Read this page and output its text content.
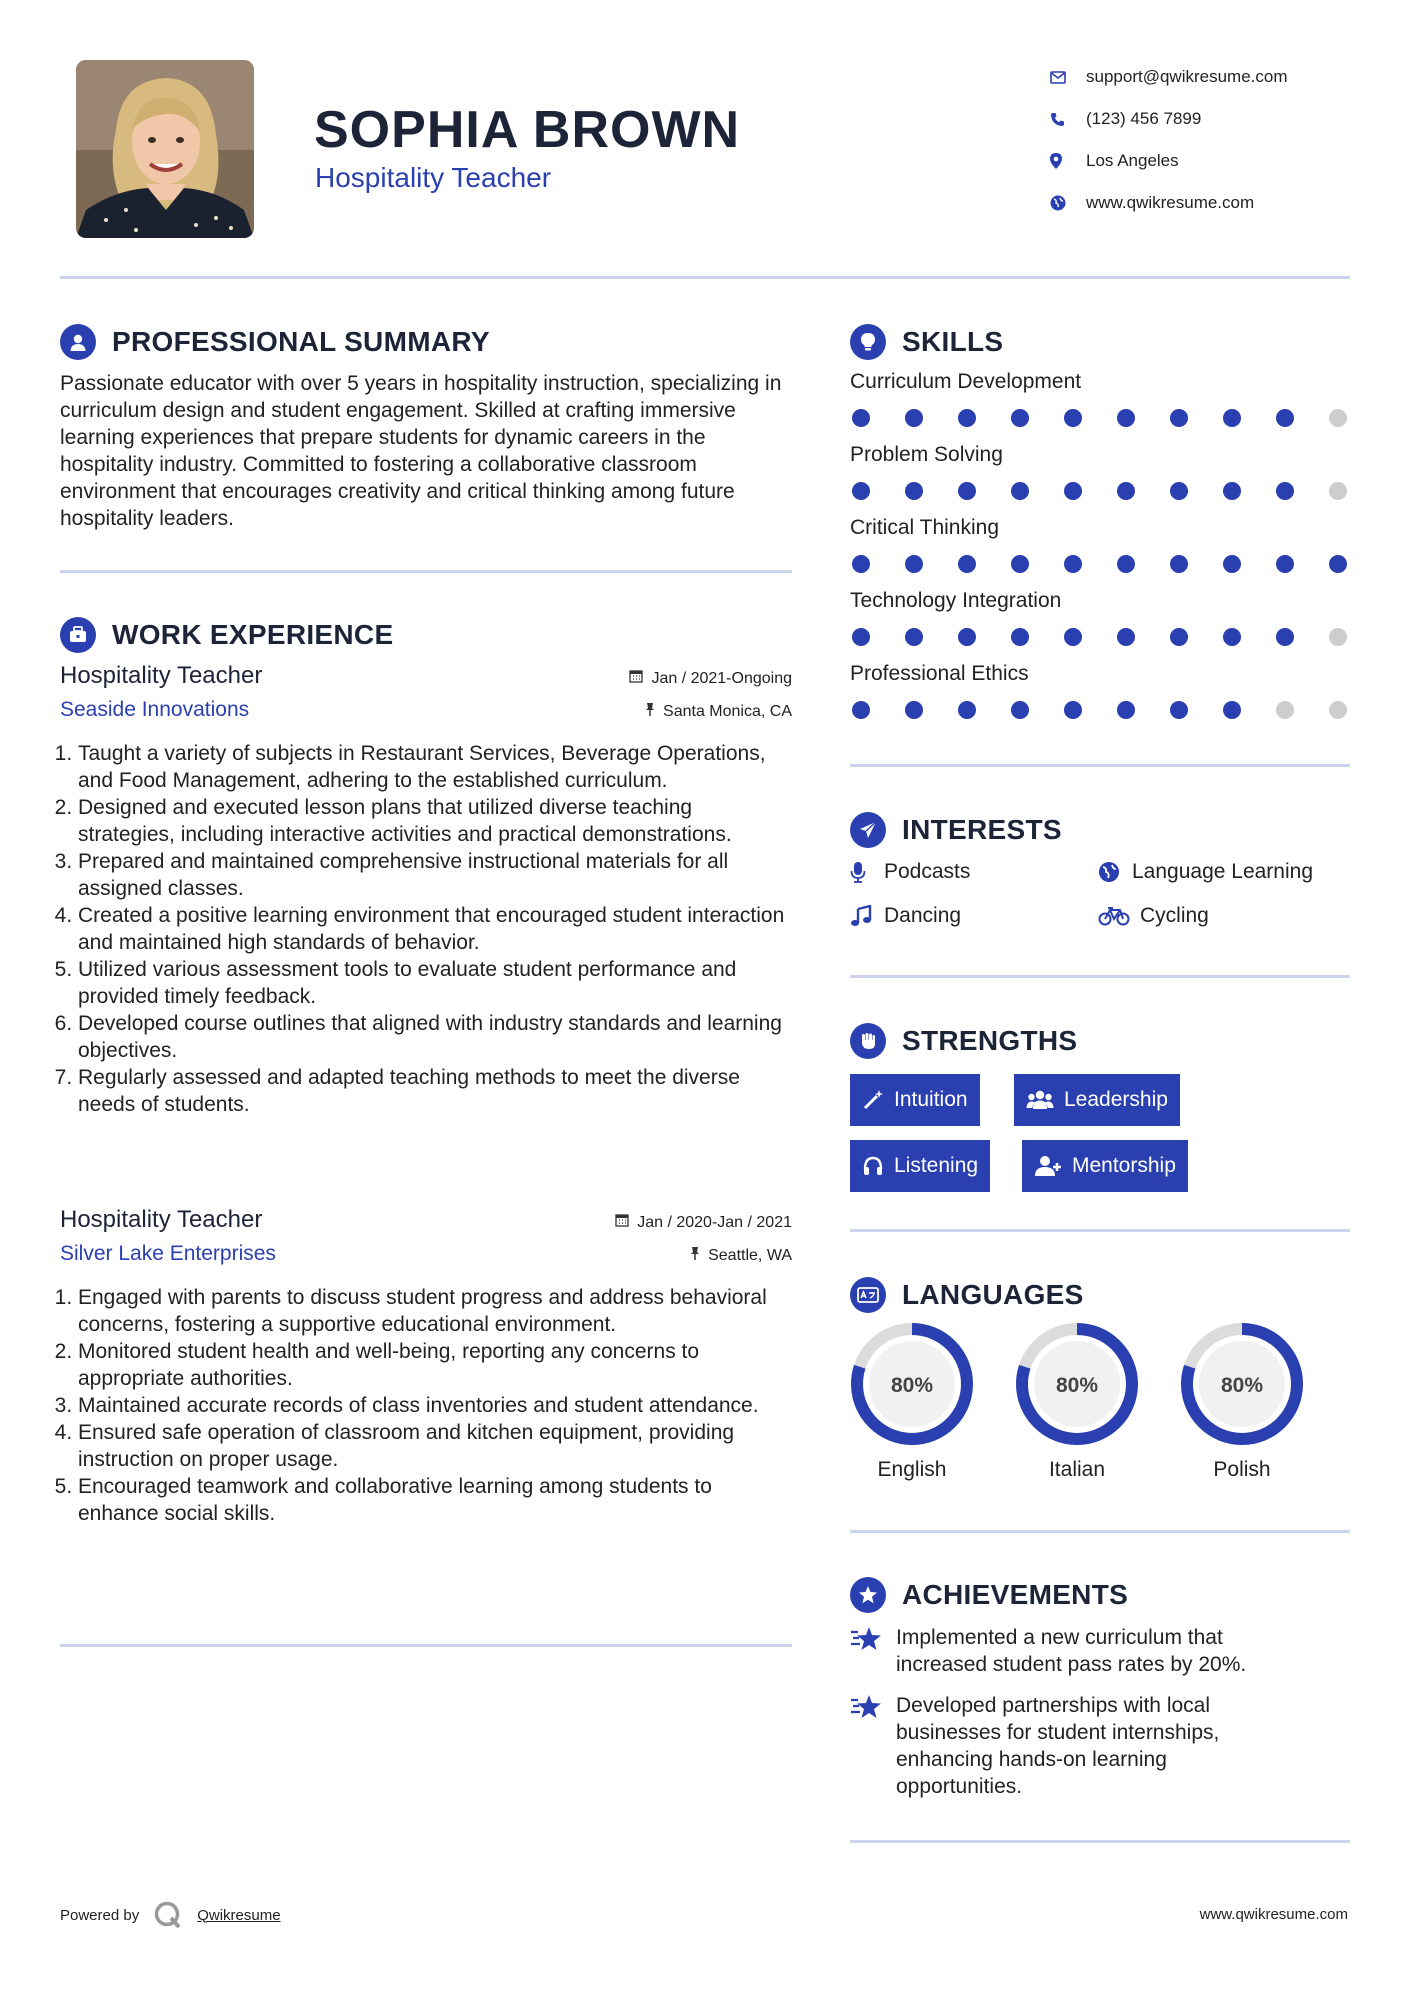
SOPHIA BROWN
Hospitality Teacher
support@qwikresume.com
(123) 456 7899
Los Angeles
www.qwikresume.com
PROFESSIONAL SUMMARY
Passionate educator with over 5 years in hospitality instruction, specializing in curriculum design and student engagement. Skilled at crafting immersive learning experiences that prepare students for dynamic careers in the hospitality industry. Committed to fostering a collaborative classroom environment that encourages creativity and critical thinking among future hospitality leaders.
WORK EXPERIENCE
Hospitality Teacher	Jan / 2021-Ongoing
Seaside Innovations	Santa Monica, CA
1. Taught a variety of subjects in Restaurant Services, Beverage Operations, and Food Management, adhering to the established curriculum.
2. Designed and executed lesson plans that utilized diverse teaching strategies, including interactive activities and practical demonstrations.
3. Prepared and maintained comprehensive instructional materials for all assigned classes.
4. Created a positive learning environment that encouraged student interaction and maintained high standards of behavior.
5. Utilized various assessment tools to evaluate student performance and provided timely feedback.
6. Developed course outlines that aligned with industry standards and learning objectives.
7. Regularly assessed and adapted teaching methods to meet the diverse needs of students.
Hospitality Teacher	Jan / 2020-Jan / 2021
Silver Lake Enterprises	Seattle, WA
1. Engaged with parents to discuss student progress and address behavioral concerns, fostering a supportive educational environment.
2. Monitored student health and well-being, reporting any concerns to appropriate authorities.
3. Maintained accurate records of class inventories and student attendance.
4. Ensured safe operation of classroom and kitchen equipment, providing instruction on proper usage.
5. Encouraged teamwork and collaborative learning among students to enhance social skills.
SKILLS
Curriculum Development
Problem Solving
Critical Thinking
Technology Integration
Professional Ethics
INTERESTS
Podcasts	Language Learning
Dancing	Cycling
STRENGTHS
Intuition	Leadership
Listening	Mentorship
LANGUAGES
80%
English
80%
Italian
80%
Polish
ACHIEVEMENTS
Implemented a new curriculum that increased student pass rates by 20%.
Developed partnerships with local businesses for student internships, enhancing hands-on learning opportunities.
Powered by	Qwikresume	www.qwikresume.com
